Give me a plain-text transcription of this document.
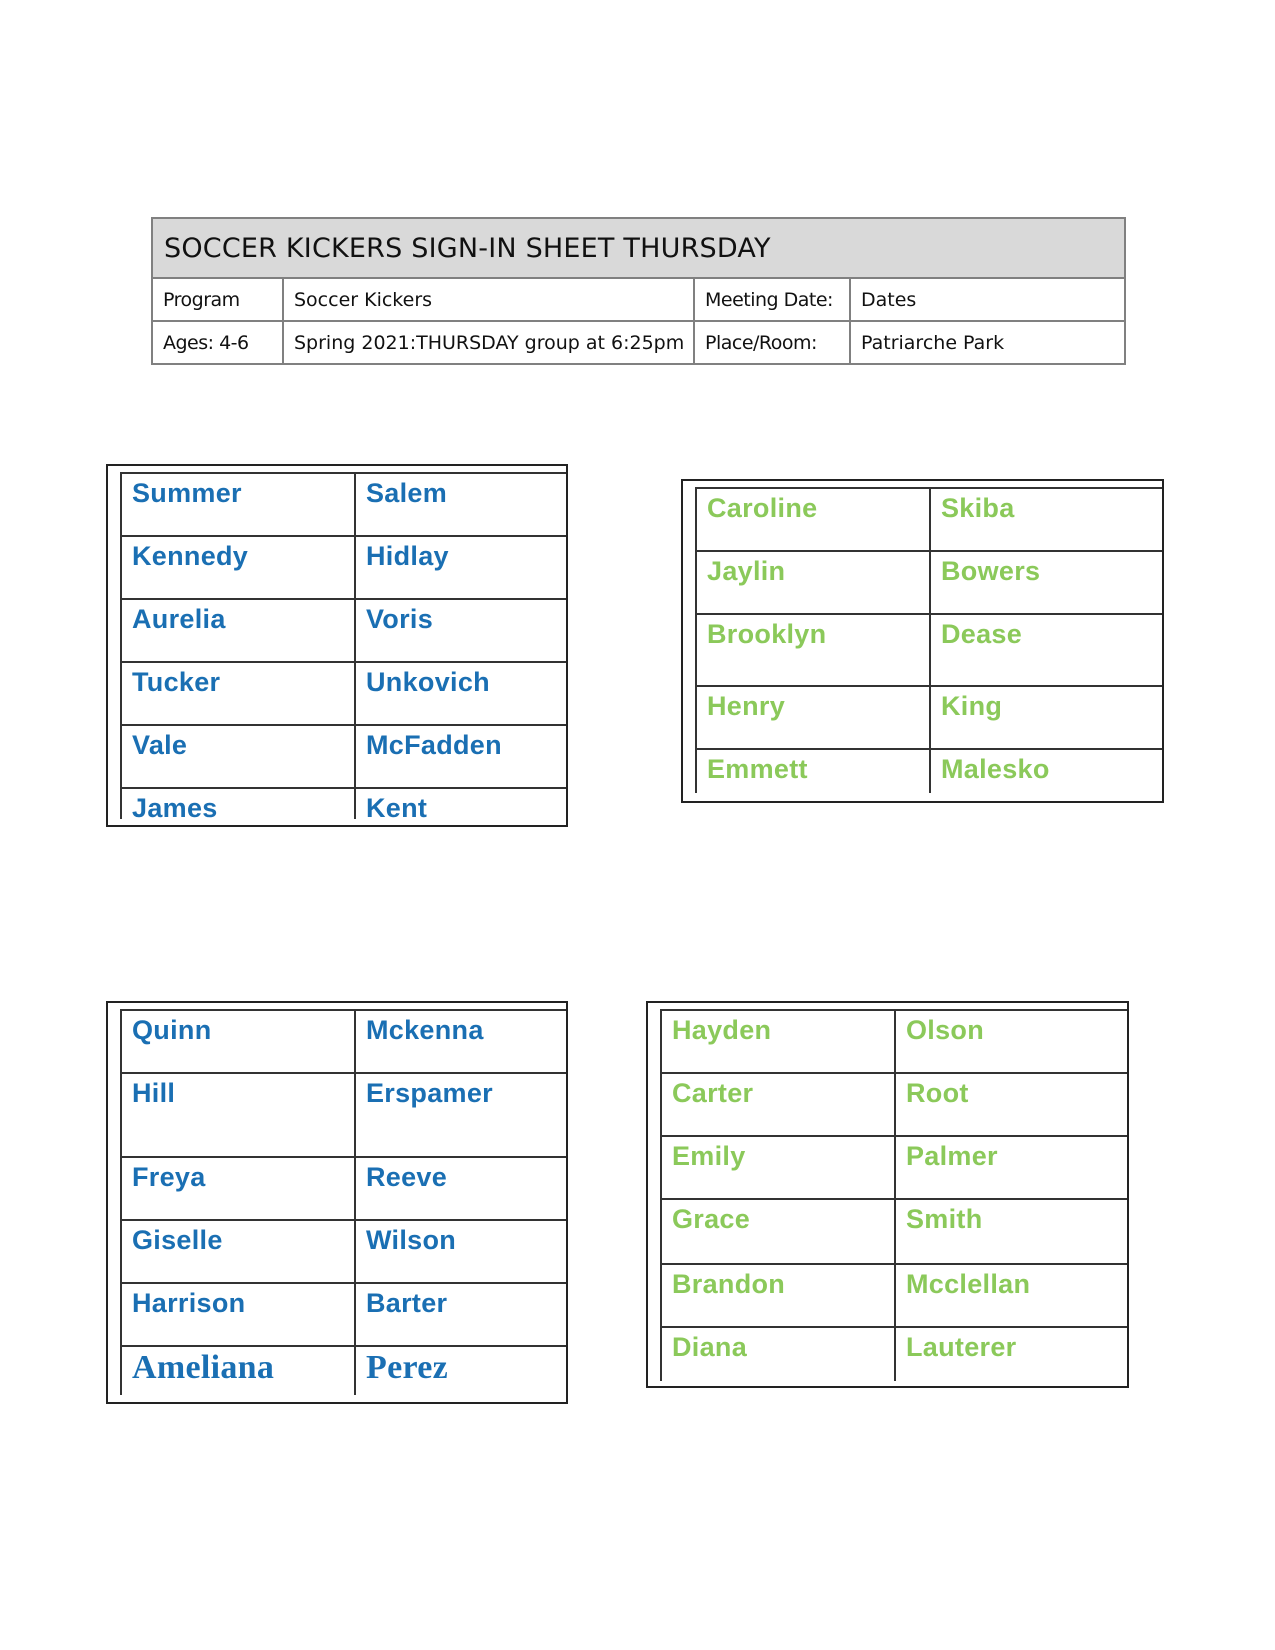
SOCCER KICKERS SIGN-IN SHEET THURSDAY
Program	Soccer Kickers	Meeting Date:	Dates
Ages: 4-6	Spring 2021:THURSDAY group at 6:25pm	Place/Room:	Patriarche Park
Summer	Salem
Kennedy	Hidlay
Aurelia	Voris
Tucker	Unkovich
Vale	McFadden
James	Kent
Caroline	Skiba
Jaylin	Bowers
Brooklyn	Dease
Henry	King
Emmett	Malesko
Quinn	Mckenna
Hill	Erspamer
Freya	Reeve
Giselle	Wilson
Harrison	Barter
Ameliana	Perez
Hayden	Olson
Carter	Root
Emily	Palmer
Grace	Smith
Brandon	Mcclellan
Diana	Lauterer
